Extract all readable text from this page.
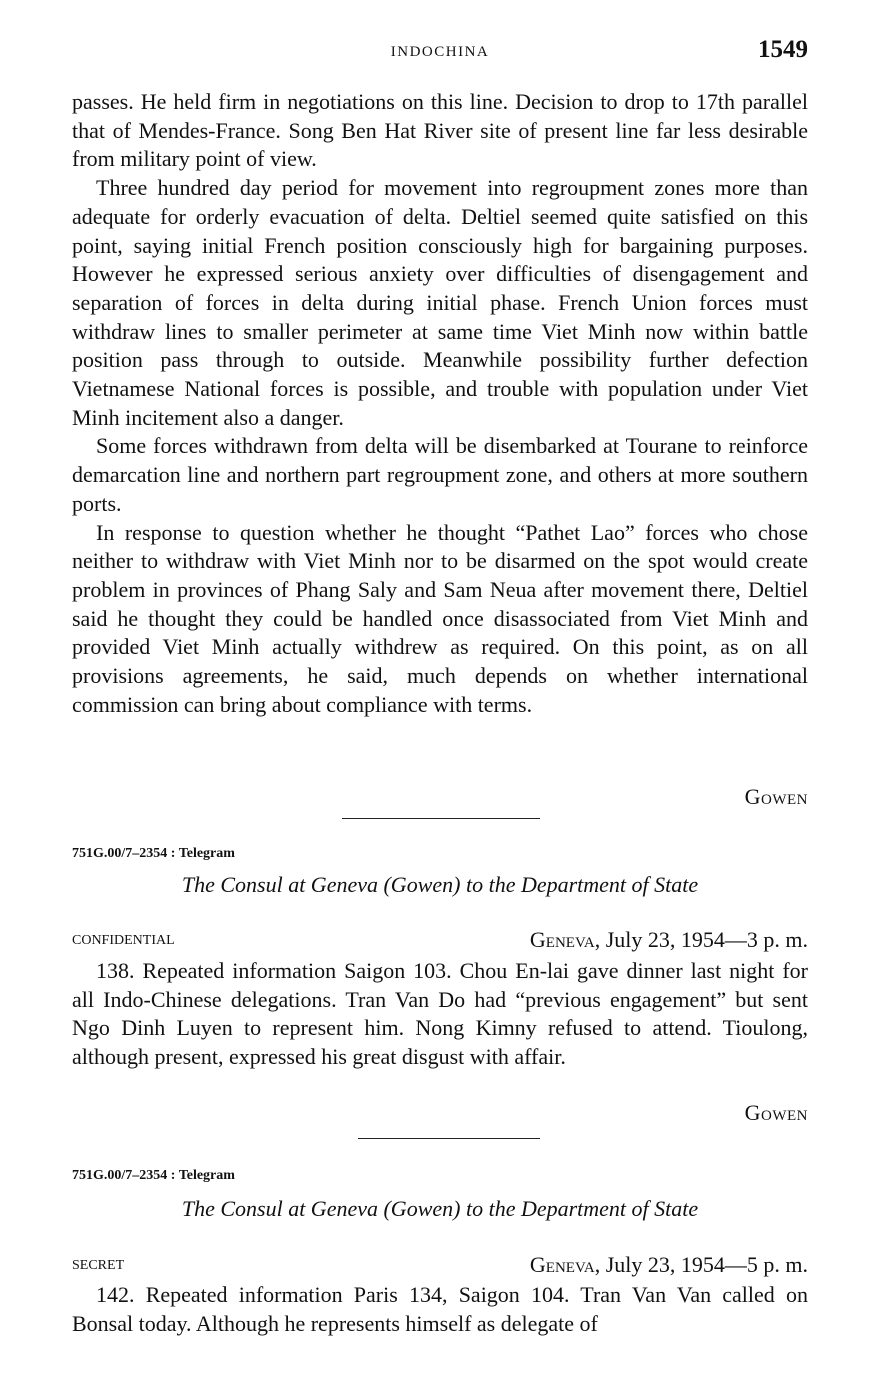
INDOCHINA	1549

passes. He held firm in negotiations on this line. Decision to drop to 17th parallel that of Mendes-France. Song Ben Hat River site of present line far less desirable from military point of view.

Three hundred day period for movement into regroupment zones more than adequate for orderly evacuation of delta. Deltiel seemed quite satisfied on this point, saying initial French position consciously high for bargaining purposes. However he expressed serious anxiety over difficulties of disengagement and separation of forces in delta during initial phase. French Union forces must withdraw lines to smaller perimeter at same time Viet Minh now within battle position pass through to outside. Meanwhile possibility further defection Vietnamese National forces is possible, and trouble with population under Viet Minh incitement also a danger.

Some forces withdrawn from delta will be disembarked at Tourane to reinforce demarcation line and northern part regroupment zone, and others at more southern ports.

In response to question whether he thought “Pathet Lao” forces who chose neither to withdraw with Viet Minh nor to be disarmed on the spot would create problem in provinces of Phang Saly and Sam Neua after movement there, Deltiel said he thought they could be handled once disassociated from Viet Minh and provided Viet Minh actually withdrew as required. On this point, as on all provisions agreements, he said, much depends on whether international commission can bring about compliance with terms.

Gowen
751G.00/7–2354 : Telegram
The Consul at Geneva (Gowen) to the Department of State
CONFIDENTIAL	Geneva, July 23, 1954—3 p. m.

138. Repeated information Saigon 103. Chou En-lai gave dinner last night for all Indo-Chinese delegations. Tran Van Do had “previous engagement” but sent Ngo Dinh Luyen to represent him. Nong Kimny refused to attend. Tioulong, although present, expressed his great disgust with affair.

Gowen
751G.00/7–2354 : Telegram
The Consul at Geneva (Gowen) to the Department of State
SECRET	Geneva, July 23, 1954—5 p. m.

142. Repeated information Paris 134, Saigon 104. Tran Van Van called on Bonsal today. Although he represents himself as delegate of
